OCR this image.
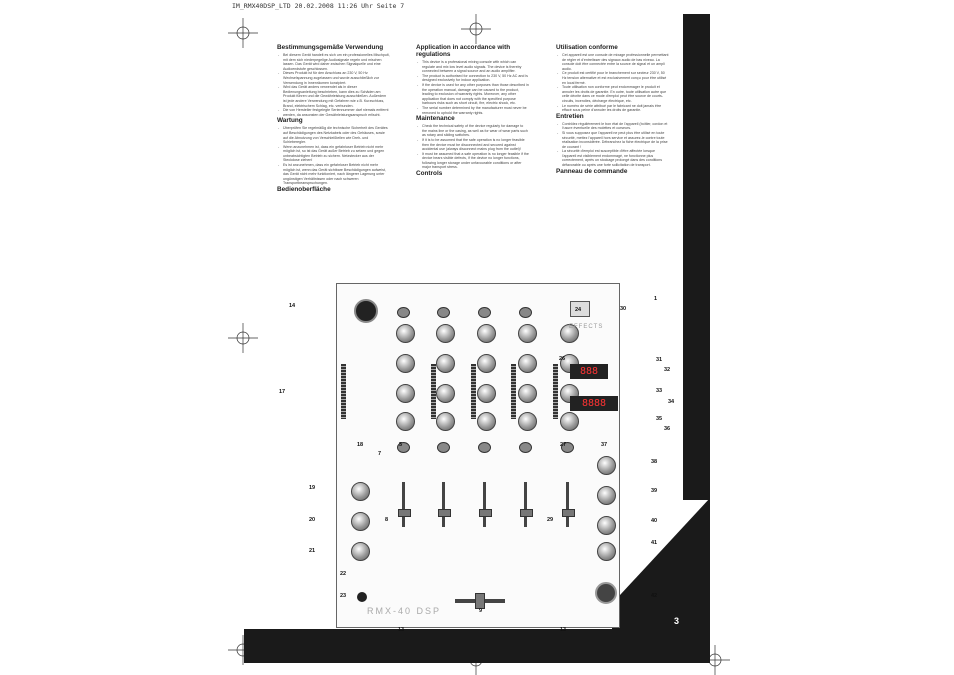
IM_RMX40DSP_LTD 20.02.2008 11:26 Uhr Seite 7
3
Bestimmungsgemäße Verwendung
- Bei diesem Gerät handelt es sich um ein professionelles Mischpult, mit dem sich niederpegelige Audiosignale regeln und mischen lassen. Das Gerät wird daher zwischen Signalquelle und eine Audioendstufe geschlossen.
- Dieses Produkt ist für den Anschluss an 230 V, 50 Hz Wechselspannung zugelassen und wurde ausschließlich zur Verwendung in Innenräumen konzipiert.
- Wird das Gerät anders verwendet als in dieser Bedienungsanleitung beschrieben, kann dies zu Schäden am Produkt führen und die Gewährleistung ausschließen. Außerdem ist jede andere Verwendung mit Gefahren wie z.B. Kurzschluss, Brand, elektrischem Schlag, etc. verbunden.
- Die von Hersteller festgelegte Seriennummer darf niemals entfernt werden, da ansonsten der Gewährleistungsanspruch erlischt.
Wartung
- Überprüfen Sie regelmäßig die technische Sicherheit des Gerätes auf Beschädigungen des Netzkabels oder des Gehäuses, sowie auf die Abnutzung von Verschleißteilen wie Dreh- und Schieberegler.
- Wenn anzunehmen ist, dass ein gefahrloser Betrieb nicht mehr möglich ist, so ist das Gerät außer Betrieb zu setzen und gegen unbeabsichtigten Betrieb zu sichern. Netzstecker aus der Steckdose ziehen!
- Es ist anzunehmen, dass ein gefahrloser Betrieb nicht mehr möglich ist, wenn das Gerät sichtbare Beschädigungen aufweist, das Gerät nicht mehr funktioniert, nach längerer Lagerung unter ungünstigen Verhältnissen oder nach schweren Transportbeanspruchungen.
Bedienoberfläche
Application in accordance with regulations
- This device is a professional mixing console with which can regulate and mix low level audio signals. The device is thereby connected between a signal source and an audio amplifier.
- The product is authorised for connection to 230 V, 50 Hz AC and is designed exclusively for indoor application.
- If the device is used for any other purposes than those described in the operation manual, damage can be caused to the product, leading to exclusion of warranty rights. Moreover, any other application that does not comply with the specified purpose harbours risks such as short circuit, fire, electric shock, etc.
- The serial number determined by the manufacturer must never be removed to uphold the warranty rights.
Maintenance
- Check the technical safety of the device regularly for damage to the mains line or the casing, as well as for wear of wear parts such as rotary and sliding switches.
- If it is to be assumed that the safe operation is no longer feasible then the device must be disconnected and secured against accidental use (always disconnect mains plug from the outlet)!
- It must be assumed that a safe operation is no longer feasible if the device bears visible defects, if the device no longer functions, following longer storage under unfavourable conditions or after major transport stress.
Controls
Utilisation conforme
- Cet appareil est une console de mixage professionnelle permettant de régler et d'entrelisser des signaux audio de bas niveau. La console doit être connectée entre la source de signal et un ampli audio.
- Ce produit est certifié pour le branchement sur secteur 230 V, 50 Hz tension alternative et est exclusivement conçu pour être utilisé en local fermé.
- Toute utilisation non conforme peut endommager le produit et annuler les droits de garantie. En outre, toute utilisation autre que celle décrite dans ce mode d'emploi peut être source de courts-circuits, incendies, décharge électrique, etc.
- Le numéro de série attribué par le fabricant ne doit jamais être effacé sous peine d'annuler les droits de garantie.
Entretien
- Contrôlez régulièrement le bon état de l'appareil (boîtier, cordon et l'usure éventuelle des molettes et curseurs.
- Si vous supposez que l'appareil ne peut plus être utilisé en toute sécurité, mettez l'appareil hors service et assurez-le contre toute réalisation inconsidérée. Débranchez la fiche électrique de la prise de courant !
- La sécurité d'emploi est susceptible d'être affectée lorsque l'appareil est visiblement endommagé, ne fonctionne plus correctement, après un stockage prolongé dans des conditions défavorable ou après une forte sollicitation de transport.
Panneau de commande
EFFECTS
888
8888
RMX-40 DSP
14
1
30
24
26	31
32
33
34
35
36
17
18	5	27	37
7
38
19
8	29
39
20	40
21
41
22
23	42
13
9
13
